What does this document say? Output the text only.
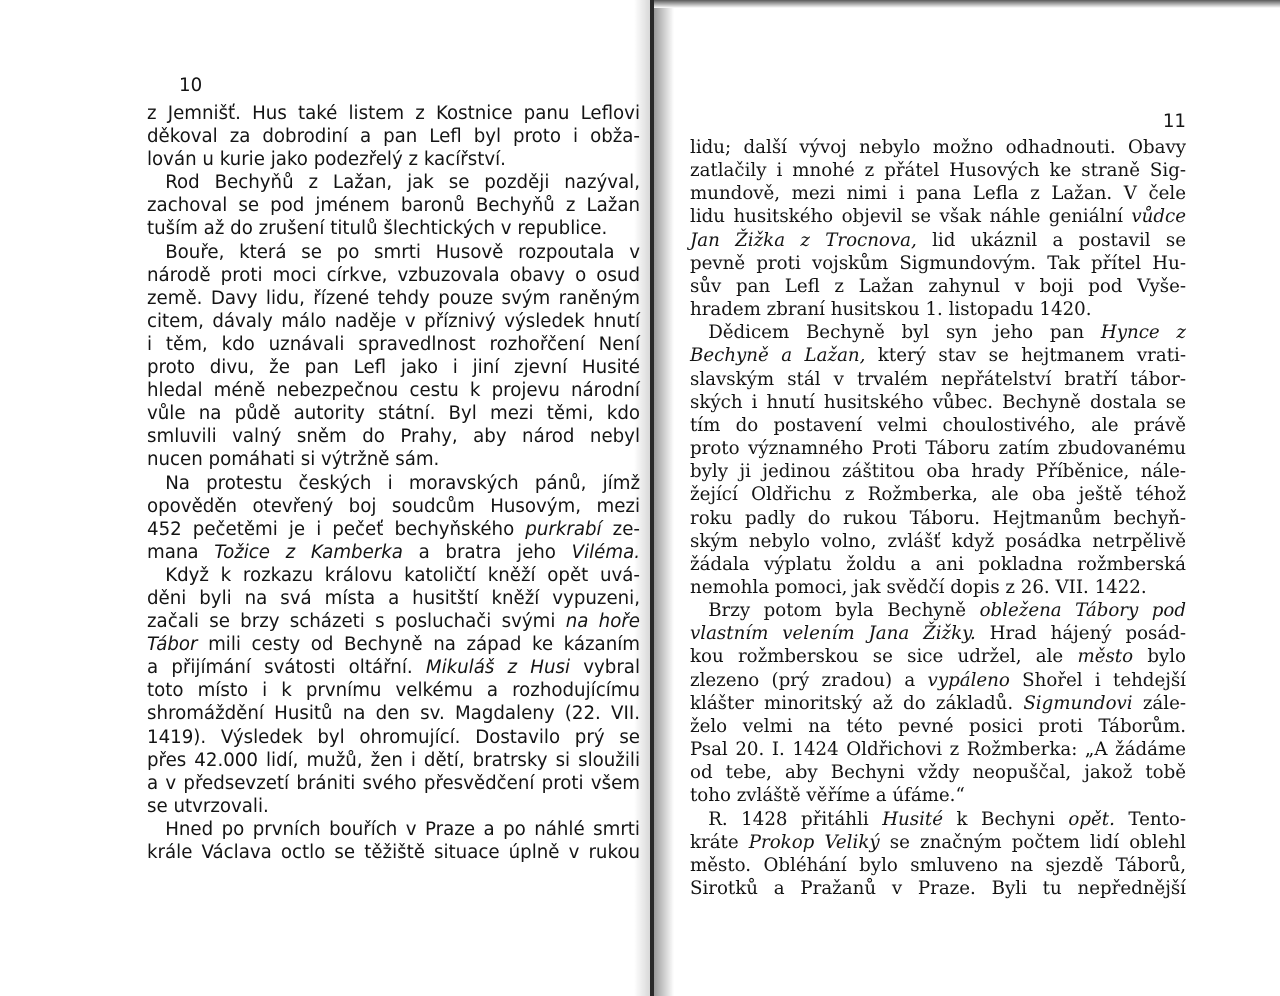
10
z Jemnišť. Hus také listem z Kostnice panu Leflovi
děkoval za dobrodiní a pan Lefl byl proto i obža-
lován u kurie jako podezřelý z kacířství.
 Rod Bechyňů z Lažan, jak se později nazýval,
zachoval se pod jménem baronů Bechyňů z Lažan
tuším až do zrušení titulů šlechtických v republice.
 Bouře, která se po smrti Husově rozpoutala v
národě proti moci církve, vzbuzovala obavy o osud
země. Davy lidu, řízené tehdy pouze svým raněným
citem, dávaly málo naděje v příznivý výsledek hnutí
i těm, kdo uznávali spravedlnost rozhořčení Není
proto divu, že pan Lefl jako i jiní zjevní Husité
hledal méně nebezpečnou cestu k projevu národní
vůle na půdě autority státní. Byl mezi těmi, kdo
smluvili valný sněm do Prahy, aby národ nebyl
nucen pomáhati si výtržně sám.
 Na protestu českých i moravských pánů, jímž
opověděn otevřený boj soudcům Husovým, mezi
452 pečetěmi je i pečeť bechyňského purkrabí ze-
mana Tožice z Kamberka a bratra jeho Viléma.
 Když k rozkazu královu katoličtí kněží opět uvá-
děni byli na svá místa a husitští kněží vypuzeni,
začali se brzy scházeti s posluchači svými na hoře
Tábor mili cesty od Bechyně na západ ke kázaním
a přijímání svátosti oltářní. Mikuláš z Husi vybral
toto místo i k prvnímu velkému a rozhodujícímu
shromáždění Husitů na den sv. Magdaleny (22. VII.
1419). Výsledek byl ohromující. Dostavilo prý se
přes 42.000 lidí, mužů, žen i dětí, bratrsky si sloužili
a v předsevzetí brániti svého přesvědčení proti všem
se utvrzovali.
 Hned po prvních bouřích v Praze a po náhlé smrti
krále Václava octlo se těžiště situace úplně v rukou
11
lidu; další vývoj nebylo možno odhadnouti. Obavy
zatlačily i mnohé z přátel Husových ke straně Sig-
mundově, mezi nimi i pana Lefla z Lažan. V čele
lidu husitského objevil se však náhle geniální vůdce
Jan Žižka z Trocnova, lid ukáznil a postavil se
pevně proti vojskům Sigmundovým. Tak přítel Hu-
sův pan Lefl z Lažan zahynul v boji pod Vyše-
hradem zbraní husitskou 1. listopadu 1420.
 Dědicem Bechyně byl syn jeho pan Hynce z
Bechyně a Lažan, který stav se hejtmanem vrati-
slavským stál v trvalém nepřátelství bratří tábor-
ských i hnutí husitského vůbec. Bechyně dostala se
tím do postavení velmi choulostivého, ale právě
proto významného Proti Táboru zatím zbudovanému
byly ji jedinou záštitou oba hrady Příběnice, nále-
žející Oldřichu z Rožmberka, ale oba ještě téhož
roku padly do rukou Táboru. Hejtmanům bechyň-
ským nebylo volno, zvlášť když posádka netrpělivě
žádala výplatu žoldu a ani pokladna rožmberská
nemohla pomoci, jak svědčí dopis z 26. VII. 1422.
 Brzy potom byla Bechyně obležena Tábory pod
vlastním velením Jana Žižky. Hrad hájený posád-
kou rožmberskou se sice udržel, ale město bylo
zlezeno (prý zradou) a vypáleno Shořel i tehdejší
klášter minoritský až do základů. Sigmundovi zále-
želo velmi na této pevné posici proti Táborům.
Psal 20. I. 1424 Oldřichovi z Rožmberka: „A žádáme
od tebe, aby Bechyni vždy neopuščal, jakož tobě
toho zvláště věříme a úfáme.“
 R. 1428 přitáhli Husité k Bechyni opět. Tento-
kráte Prokop Veliký se značným počtem lidí oblehl
město. Obléhání bylo smluveno na sjezdě Táborů,
Sirotků a Pražanů v Praze. Byli tu nepřednější
